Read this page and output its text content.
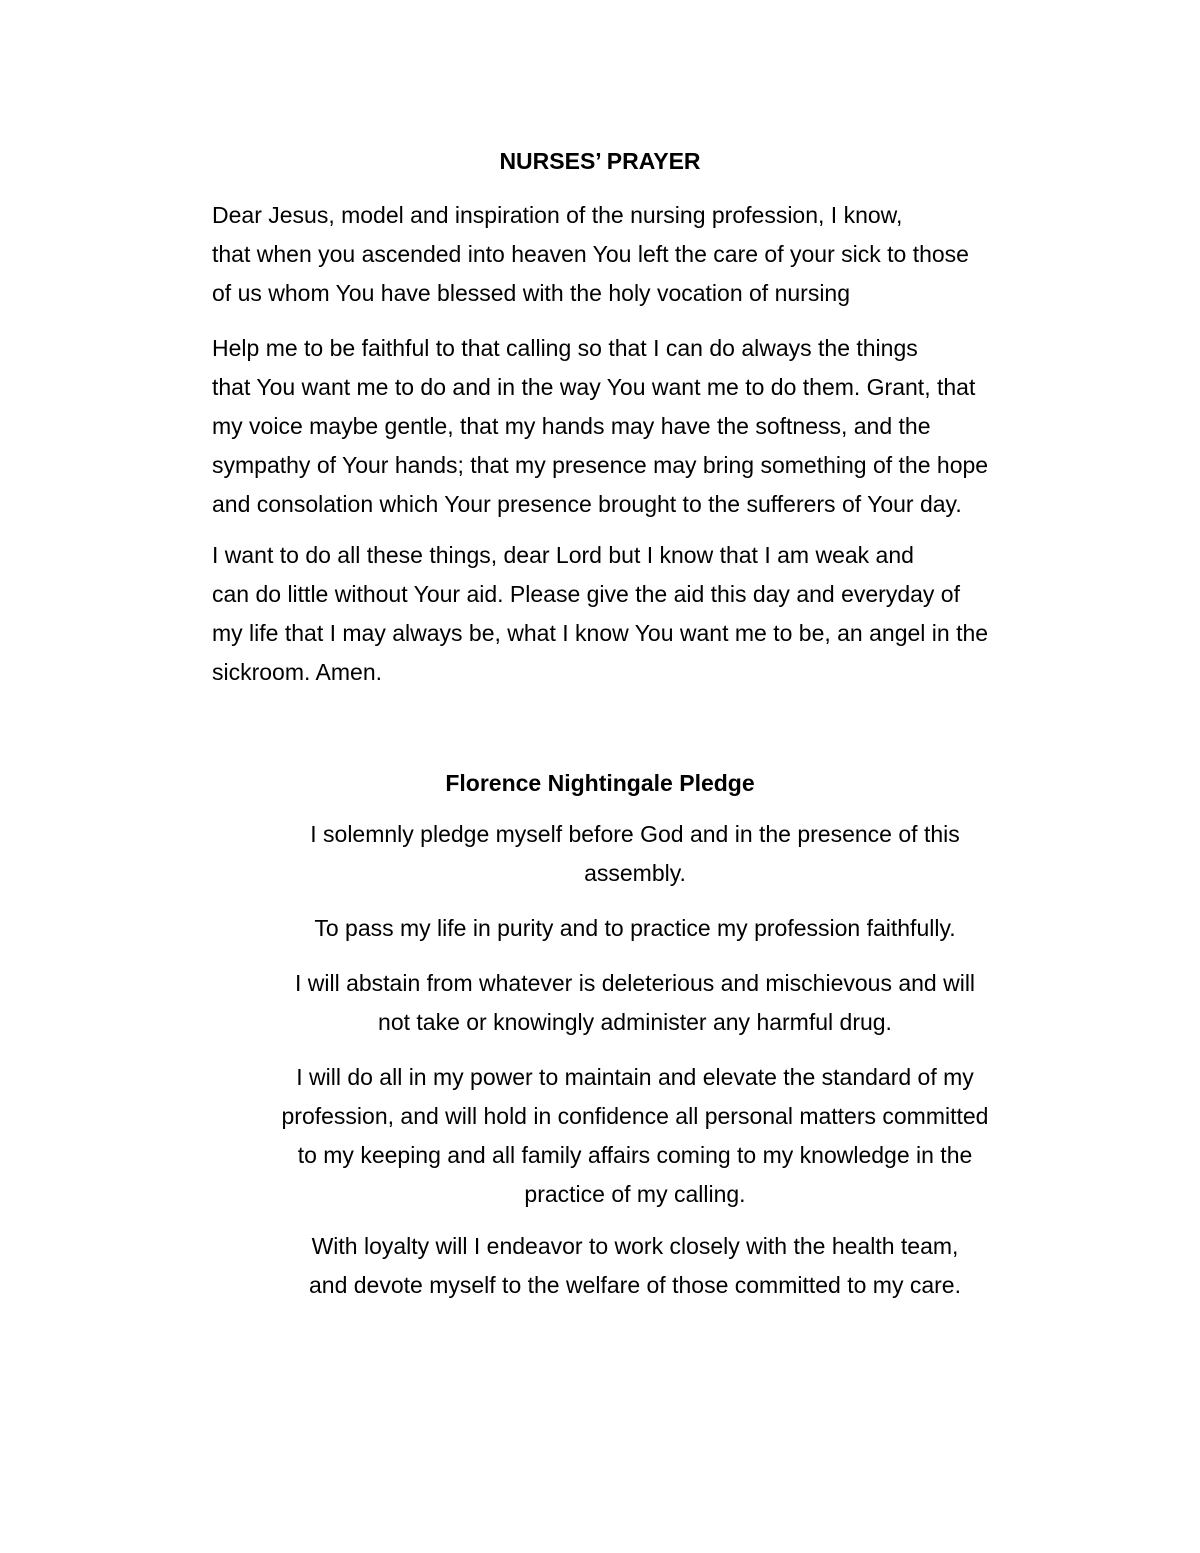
NURSES’ PRAYER

Dear Jesus, model and inspiration of the nursing profession, I know,
that when you ascended into heaven You left the care of your sick to those
of us whom You have blessed with the holy vocation of nursing

Help me to be faithful to that calling so that I can do always the things
that You want me to do and in the way You want me to do them. Grant, that
my voice maybe gentle, that my hands may have the softness, and the
sympathy of Your hands; that my presence may bring something of the hope
and consolation which Your presence brought to the sufferers of Your day.

I want to do all these things, dear Lord but I know that I am weak and
can do little without Your aid. Please give the aid this day and everyday of
my life that I may always be, what I know You want me to be, an angel in the
sickroom. Amen.

Florence Nightingale Pledge

I solemnly pledge myself before God and in the presence of this
assembly.

To pass my life in purity and to practice my profession faithfully.

I will abstain from whatever is deleterious and mischievous and will
not take or knowingly administer any harmful drug.

I will do all in my power to maintain and elevate the standard of my
profession, and will hold in confidence all personal matters committed
to my keeping and all family affairs coming to my knowledge in the
practice of my calling.

With loyalty will I endeavor to work closely with the health team,
and devote myself to the welfare of those committed to my care.
